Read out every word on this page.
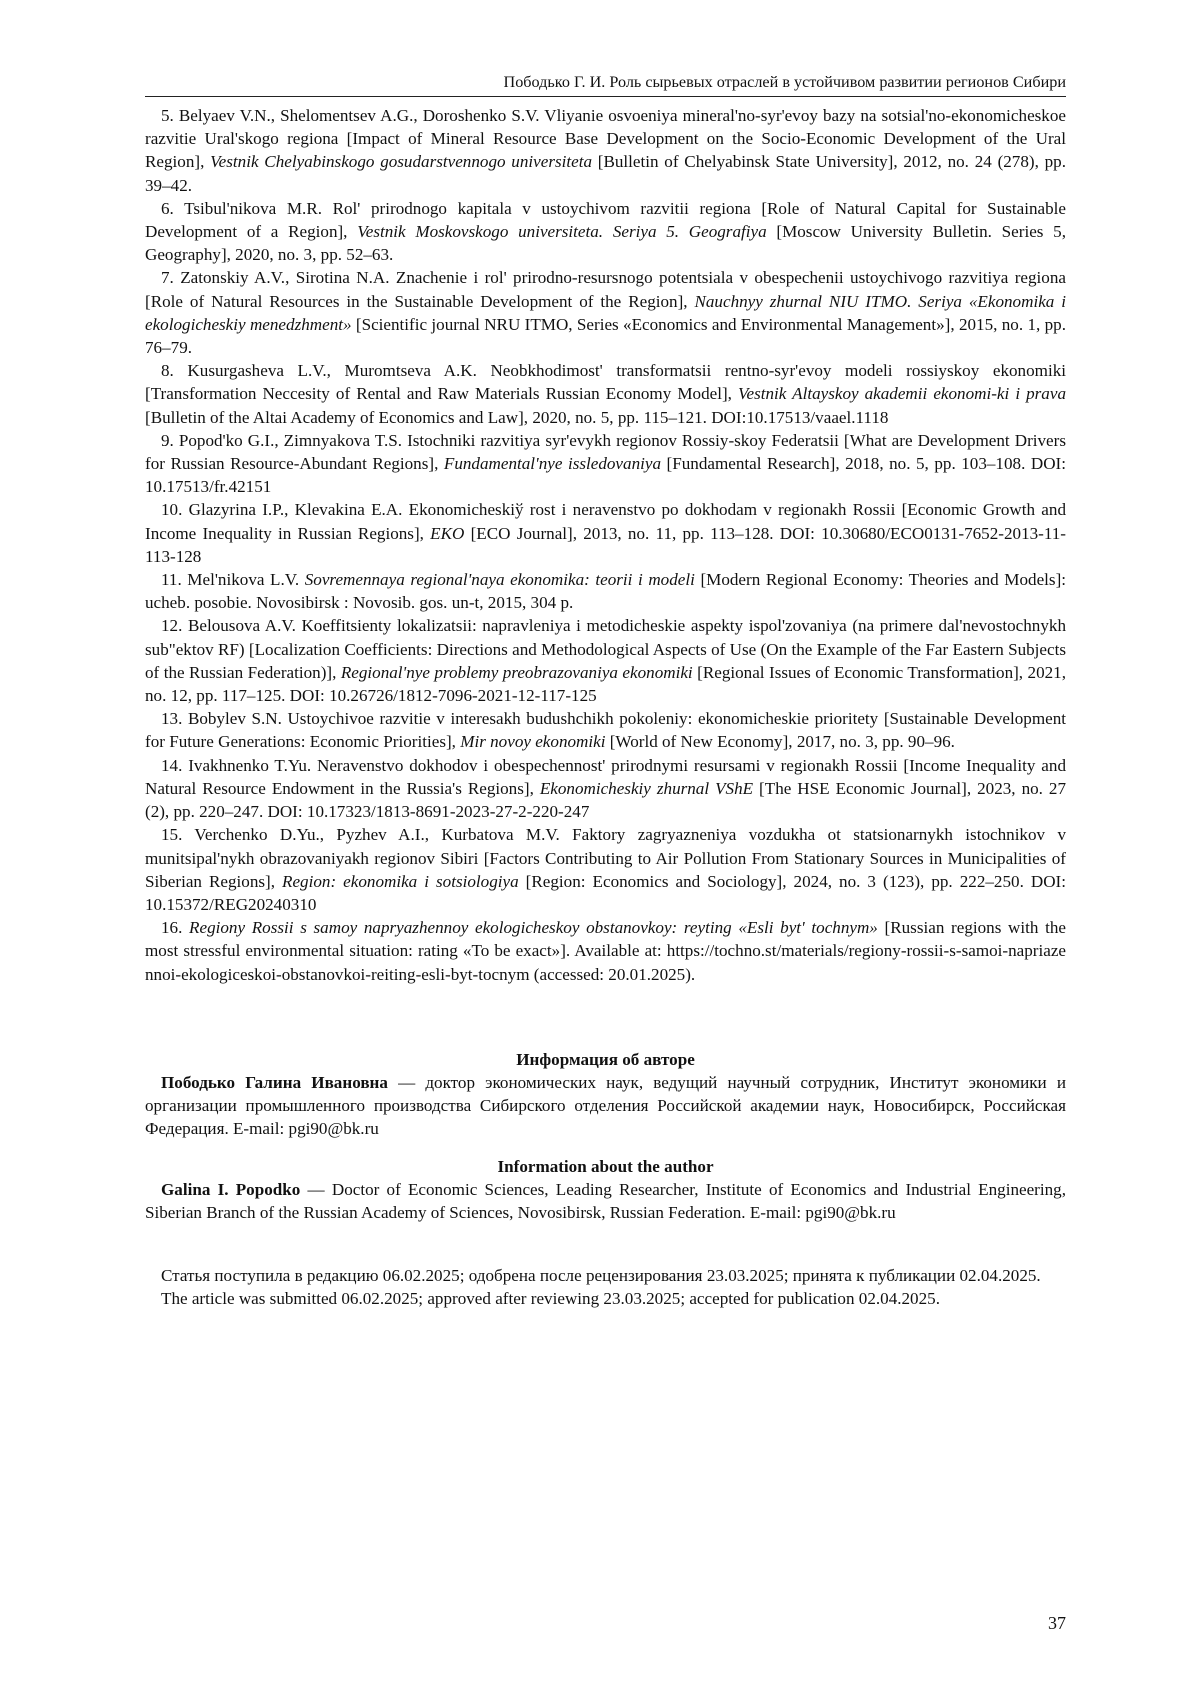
Пободько Г. И. Роль сырьевых отраслей в устойчивом развитии регионов Сибири

5. Belyaev V.N., Shelomentsev A.G., Doroshenko S.V. Vliyanie osvoeniya mineral'no-syr'evoy bazy na sotsial'no-ekonomicheskoe razvitie Ural'skogo regiona [Impact of Mineral Resource Base Development on the Socio-Economic Development of the Ural Region], Vestnik Chelyabinskogo gosudarstvennogo universiteta [Bulletin of Chelyabinsk State University], 2012, no. 24 (278), pp. 39–42.

6. Tsibul'nikova M.R. Rol' prirodnogo kapitala v ustoychivom razvitii regiona [Role of Natural Capital for Sustainable Development of a Region], Vestnik Moskovskogo universiteta. Seriya 5. Geografiya [Moscow University Bulletin. Series 5, Geography], 2020, no. 3, pp. 52–63.

7. Zatonskiy A.V., Sirotina N.A. Znachenie i rol' prirodno-resursnogo potentsiala v obespechenii ustoychivogo razvitiya regiona [Role of Natural Resources in the Sustainable Development of the Region], Nauchnyy zhurnal NIU ITMO. Seriya «Ekonomika i ekologicheskiy menedzhment» [Scientific journal NRU ITMO, Series «Economics and Environmental Management»], 2015, no. 1, pp. 76–79.

8. Kusurgasheva L.V., Muromtseva A.K. Neobkhodimost' transformatsii rentno-syr'evoy modeli rossiyskoy ekonomiki [Transformation Neccesity of Rental and Raw Materials Russian Economy Model], Vestnik Altayskoy akademii ekonomi-ki i prava [Bulletin of the Altai Academy of Economics and Law], 2020, no. 5, pp. 115–121. DOI:10.17513/vaael.1118

9. Popod'ko G.I., Zimnyakova T.S. Istochniki razvitiya syr'evykh regionov Rossiy-skoy Federatsii [What are Development Drivers for Russian Resource-Abundant Regions], Fundamental'nye issledovaniya [Fundamental Research], 2018, no. 5, pp. 103–108. DOI: 10.17513/fr.42151

10. Glazyrina I.P., Klevakina E.A. Ekonomicheskiў rost i neravenstvo po dokhodam v regionakh Rossii [Economic Growth and Income Inequality in Russian Regions], EKO [ECO Journal], 2013, no. 11, pp. 113–128. DOI: 10.30680/ECO0131-7652-2013-11-113-128

11. Mel'nikova L.V. Sovremennaya regional'naya ekonomika: teorii i modeli [Modern Regional Economy: Theories and Models]: ucheb. posobie. Novosibirsk : Novosib. gos. un-t, 2015, 304 p.

12. Belousova A.V. Koeffitsienty lokalizatsii: napravleniya i metodicheskie aspekty ispol'zovaniya (na primere dal'nevostochnykh sub"ektov RF) [Localization Coefficients: Directions and Methodological Aspects of Use (On the Example of the Far Eastern Subjects of the Russian Federation)], Regional'nye problemy preobrazovaniya ekonomiki [Regional Issues of Economic Transformation], 2021, no. 12, pp. 117–125. DOI: 10.26726/1812-7096-2021-12-117-125

13. Bobylev S.N. Ustoychivoe razvitie v interesakh budushchikh pokoleniy: ekonomicheskie prioritety [Sustainable Development for Future Generations: Economic Priorities], Mir novoy ekonomiki [World of New Economy], 2017, no. 3, pp. 90–96.

14. Ivakhnenko T.Yu. Neravenstvo dokhodov i obespechennost' prirodnymi resursami v regionakh Rossii [Income Inequality and Natural Resource Endowment in the Russia's Regions], Ekonomicheskiy zhurnal VShE [The HSE Economic Journal], 2023, no. 27 (2), pp. 220–247. DOI: 10.17323/1813-8691-2023-27-2-220-247

15. Verchenko D.Yu., Pyzhev A.I., Kurbatova M.V. Faktory zagryazneniya vozdukha ot statsionarnykh istochnikov v munitsipal'nykh obrazovaniyakh regionov Sibiri [Factors Contributing to Air Pollution From Stationary Sources in Municipalities of Siberian Regions], Region: ekonomika i sotsiologiya [Region: Economics and Sociology], 2024, no. 3 (123), pp. 222–250. DOI: 10.15372/REG20240310

16. Regiony Rossii s samoy napryazhennoy ekologicheskoy obstanovkoy: reyting «Esli byt' tochnym» [Russian regions with the most stressful environmental situation: rating «To be exact»]. Available at: https://tochno.st/materials/regiony-rossii-s-samoi-napriazennoi-ekologiceskoi-obstanovkoi-reiting-esli-byt-tocnym (accessed: 20.01.2025).

Информация об авторе

Пободько Галина Ивановна — доктор экономических наук, ведущий научный сотрудник, Институт экономики и организации промышленного производства Сибирского отделения Российской академии наук, Новосибирск, Российская Федерация. E-mail: pgi90@bk.ru

Information about the author

Galina I. Popodko — Doctor of Economic Sciences, Leading Researcher, Institute of Economics and Industrial Engineering, Siberian Branch of the Russian Academy of Sciences, Novosibirsk, Russian Federation. E-mail: pgi90@bk.ru

Статья поступила в редакцию 06.02.2025; одобрена после рецензирования 23.03.2025; принята к публикации 02.04.2025.

The article was submitted 06.02.2025; approved after reviewing 23.03.2025; accepted for publication 02.04.2025.

37
